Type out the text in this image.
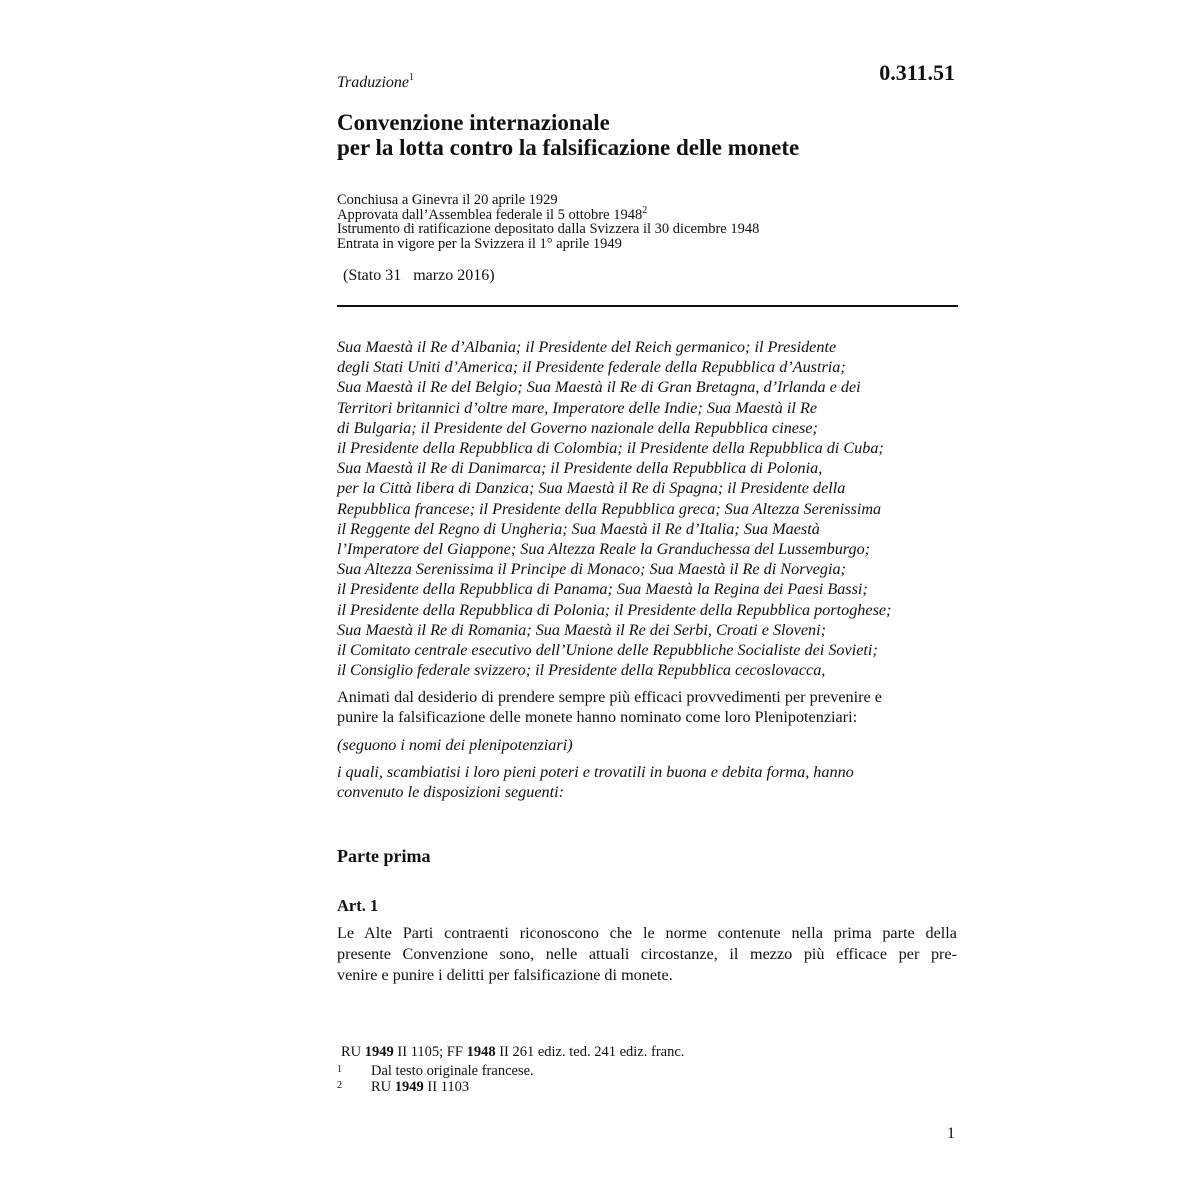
0.311.51
Traduzione$^1$
Convenzione internazionale
per la lotta contro la falsificazione delle monete
Conchiusa a Ginevra il 20 aprile 1929
Approvata dall’Assemblea federale il 5 ottobre 1948$^2$
Istrumento di ratificazione depositato dalla Svizzera il 30 dicembre 1948
Entrata in vigore per la Svizzera il 1° aprile 1949
(Stato 31   marzo 2016)
Sua Maestà il Re d’Albania; il Presidente del Reich germanico; il Presidente
degli Stati Uniti d’America; il Presidente federale della Repubblica d’Austria;
Sua Maestà il Re del Belgio; Sua Maestà il Re di Gran Bretagna, d’Irlanda e dei
Territori britannici d’oltre mare, Imperatore delle Indie; Sua Maestà il Re
di Bulgaria; il Presidente del Governo nazionale della Repubblica cinese;
il Presidente della Repubblica di Colombia; il Presidente della Repubblica di Cuba;
Sua Maestà il Re di Danimarca; il Presidente della Repubblica di Polonia,
per la Città libera di Danzica; Sua Maestà il Re di Spagna; il Presidente della
Repubblica francese; il Presidente della Repubblica greca; Sua Altezza Serenissima
il Reggente del Regno di Ungheria; Sua Maestà il Re d’Italia; Sua Maestà
l’Imperatore del Giappone; Sua Altezza Reale la Granduchessa del Lussemburgo;
Sua Altezza Serenissima il Principe di Monaco; Sua Maestà il Re di Norvegia;
il Presidente della Repubblica di Panama; Sua Maestà la Regina dei Paesi Bassi;
il Presidente della Repubblica di Polonia; il Presidente della Repubblica portoghese;
Sua Maestà il Re di Romania; Sua Maestà il Re dei Serbi, Croati e Sloveni;
il Comitato centrale esecutivo dell’Unione delle Repubbliche Socialiste dei Sovieti;
il Consiglio federale svizzero; il Presidente della Repubblica cecoslovacca,
Animati dal desiderio di prendere sempre più efficaci provvedimenti per prevenire e
punire la falsificazione delle monete hanno nominato come loro Plenipotenziari:
(seguono i nomi dei plenipotenziari)
i quali, scambiatisi i loro pieni poteri e trovatili in buona e debita forma, hanno
convenuto le disposizioni seguenti:
Parte prima
Art. 1
Le Alte Parti contraenti riconoscono che le norme contenute nella prima parte della
presente Convenzione sono, nelle attuali circostanze, il mezzo più efficace per pre-
venire e punire i delitti per falsificazione di monete.
RU 1949 II 1105; FF 1948 II 261 ediz. ted. 241 ediz. franc.
1 Dal testo originale francese.
2 RU 1949 II 1103
1
